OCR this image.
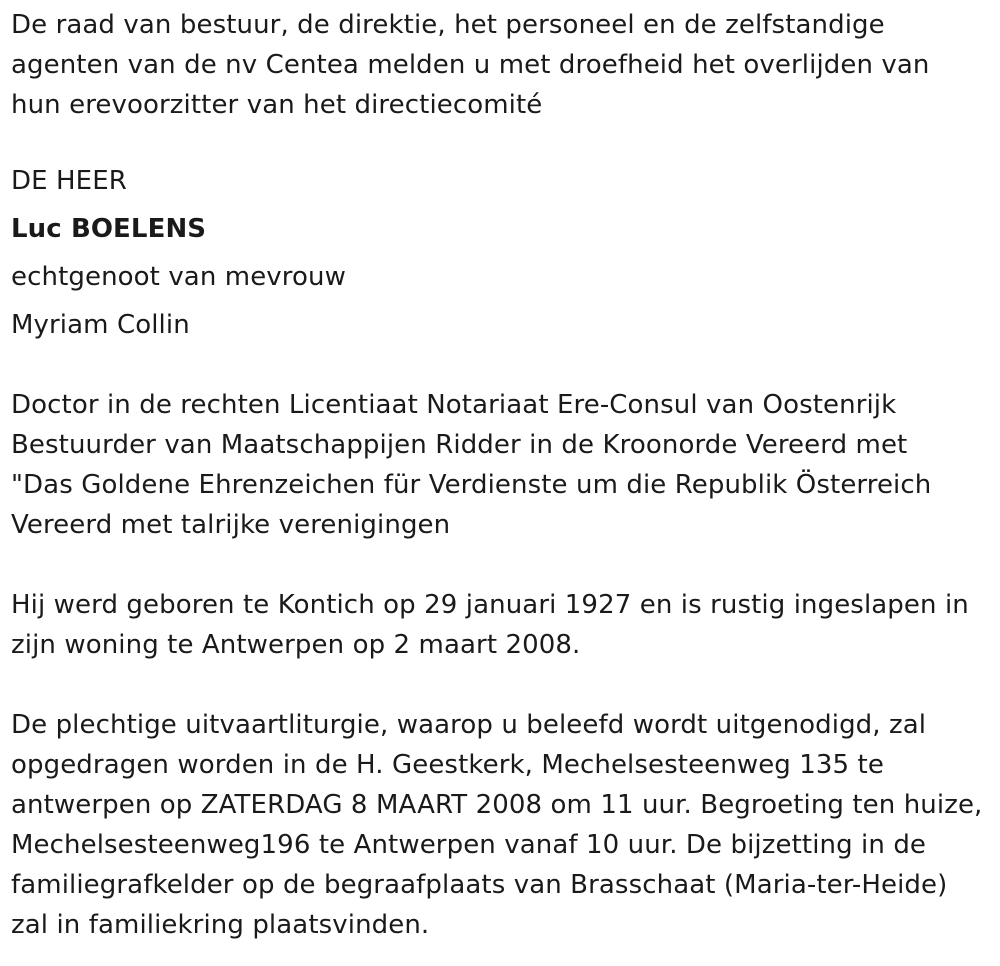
De raad van bestuur, de direktie, het personeel en de zelfstandige
agenten van de nv Centea melden u met droefheid het overlijden van
hun erevoorzitter van het directiecomité

DE HEER
Luc BOELENS
echtgenoot van mevrouw
Myriam Collin

Doctor in de rechten Licentiaat Notariaat Ere-Consul van Oostenrijk
Bestuurder van Maatschappijen Ridder in de Kroonorde Vereerd met
"Das Goldene Ehrenzeichen für Verdienste um die Republik Österreich
Vereerd met talrijke verenigingen

Hij werd geboren te Kontich op 29 januari 1927 en is rustig ingeslapen in
zijn woning te Antwerpen op 2 maart 2008.

De plechtige uitvaartliturgie, waarop u beleefd wordt uitgenodigd, zal
opgedragen worden in de H. Geestkerk, Mechelsesteenweg 135 te
antwerpen op ZATERDAG 8 MAART 2008 om 11 uur. Begroeting ten huize,
Mechelsesteenweg196 te Antwerpen vanaf 10 uur. De bijzetting in de
familiegrafkelder op de begraafplaats van Brasschaat (Maria-ter-Heide)
zal in familiekring plaatsvinden.
